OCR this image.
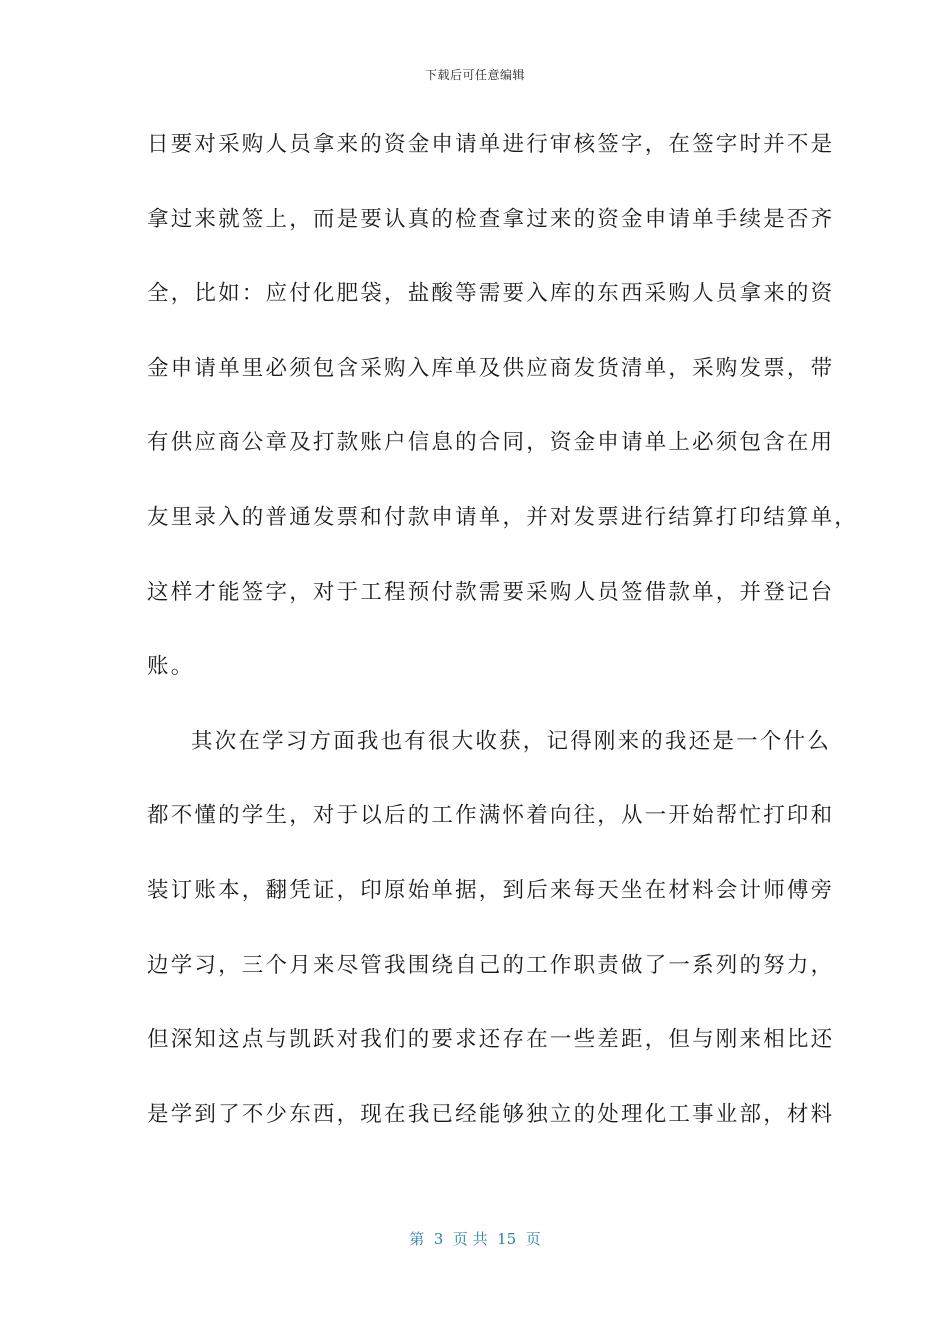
下载后可任意编辑
日要对采购人员拿来的资金申请单进行审核签字，在签字时并不是
拿过来就签上，而是要认真的检查拿过来的资金申请单手续是否齐
全，比如：应付化肥袋，盐酸等需要入库的东西采购人员拿来的资
金申请单里必须包含采购入库单及供应商发货清单，采购发票，带
有供应商公章及打款账户信息的合同，资金申请单上必须包含在用
友里录入的普通发票和付款申请单，并对发票进行结算打印结算单，
这样才能签字，对于工程预付款需要采购人员签借款单，并登记台
账。
其次在学习方面我也有很大收获，记得刚来的我还是一个什么
都不懂的学生，对于以后的工作满怀着向往，从一开始帮忙打印和
装订账本，翻凭证，印原始单据，到后来每天坐在材料会计师傅旁
边学习，三个月来尽管我围绕自己的工作职责做了一系列的努力，
但深知这点与凯跃对我们的要求还存在一些差距，但与刚来相比还
是学到了不少东西，现在我已经能够独立的处理化工事业部，材料
第  3  页 共  15  页
